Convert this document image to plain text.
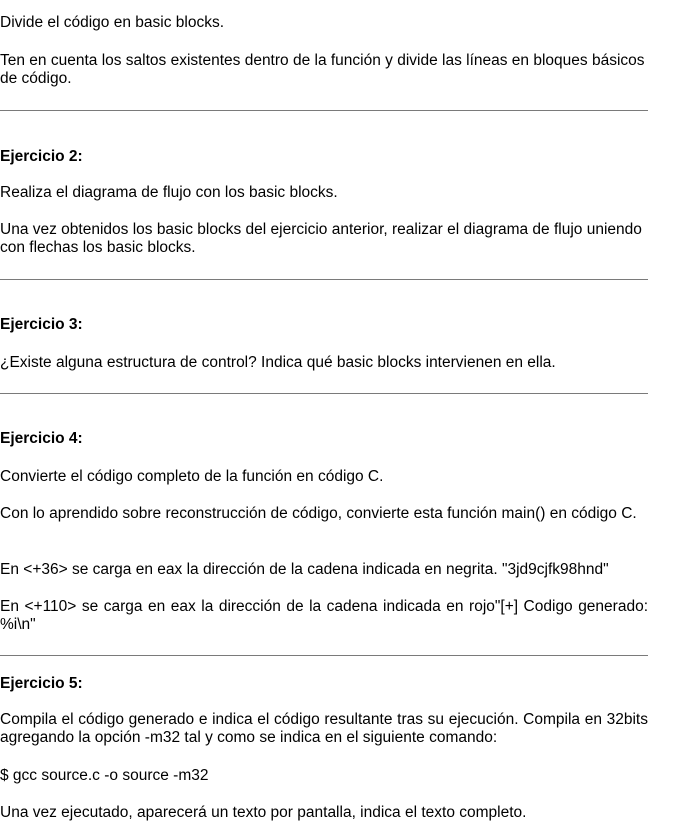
Divide el código en basic blocks.

Ten en cuenta los saltos existentes dentro de la función y divide las líneas en bloques básicos de código.

Ejercicio 2:

Realiza el diagrama de flujo con los basic blocks.

Una vez obtenidos los basic blocks del ejercicio anterior, realizar el diagrama de flujo uniendo con flechas los basic blocks.

Ejercicio 3:

¿Existe alguna estructura de control? Indica qué basic blocks intervienen en ella.

Ejercicio 4:

Convierte el código completo de la función en código C.

Con lo aprendido sobre reconstrucción de código, convierte esta función main() en código C.

En <+36> se carga en eax la dirección de la cadena indicada en negrita. "3jd9cjfk98hnd"

En <+110> se carga en eax la dirección de la cadena indicada en rojo"[+] Codigo generado: %i\n"

Ejercicio 5:

Compila el código generado e indica el código resultante tras su ejecución. Compila en 32bits agregando la opción -m32 tal y como se indica en el siguiente comando:

$ gcc source.c -o source -m32

Una vez ejecutado, aparecerá un texto por pantalla, indica el texto completo.
